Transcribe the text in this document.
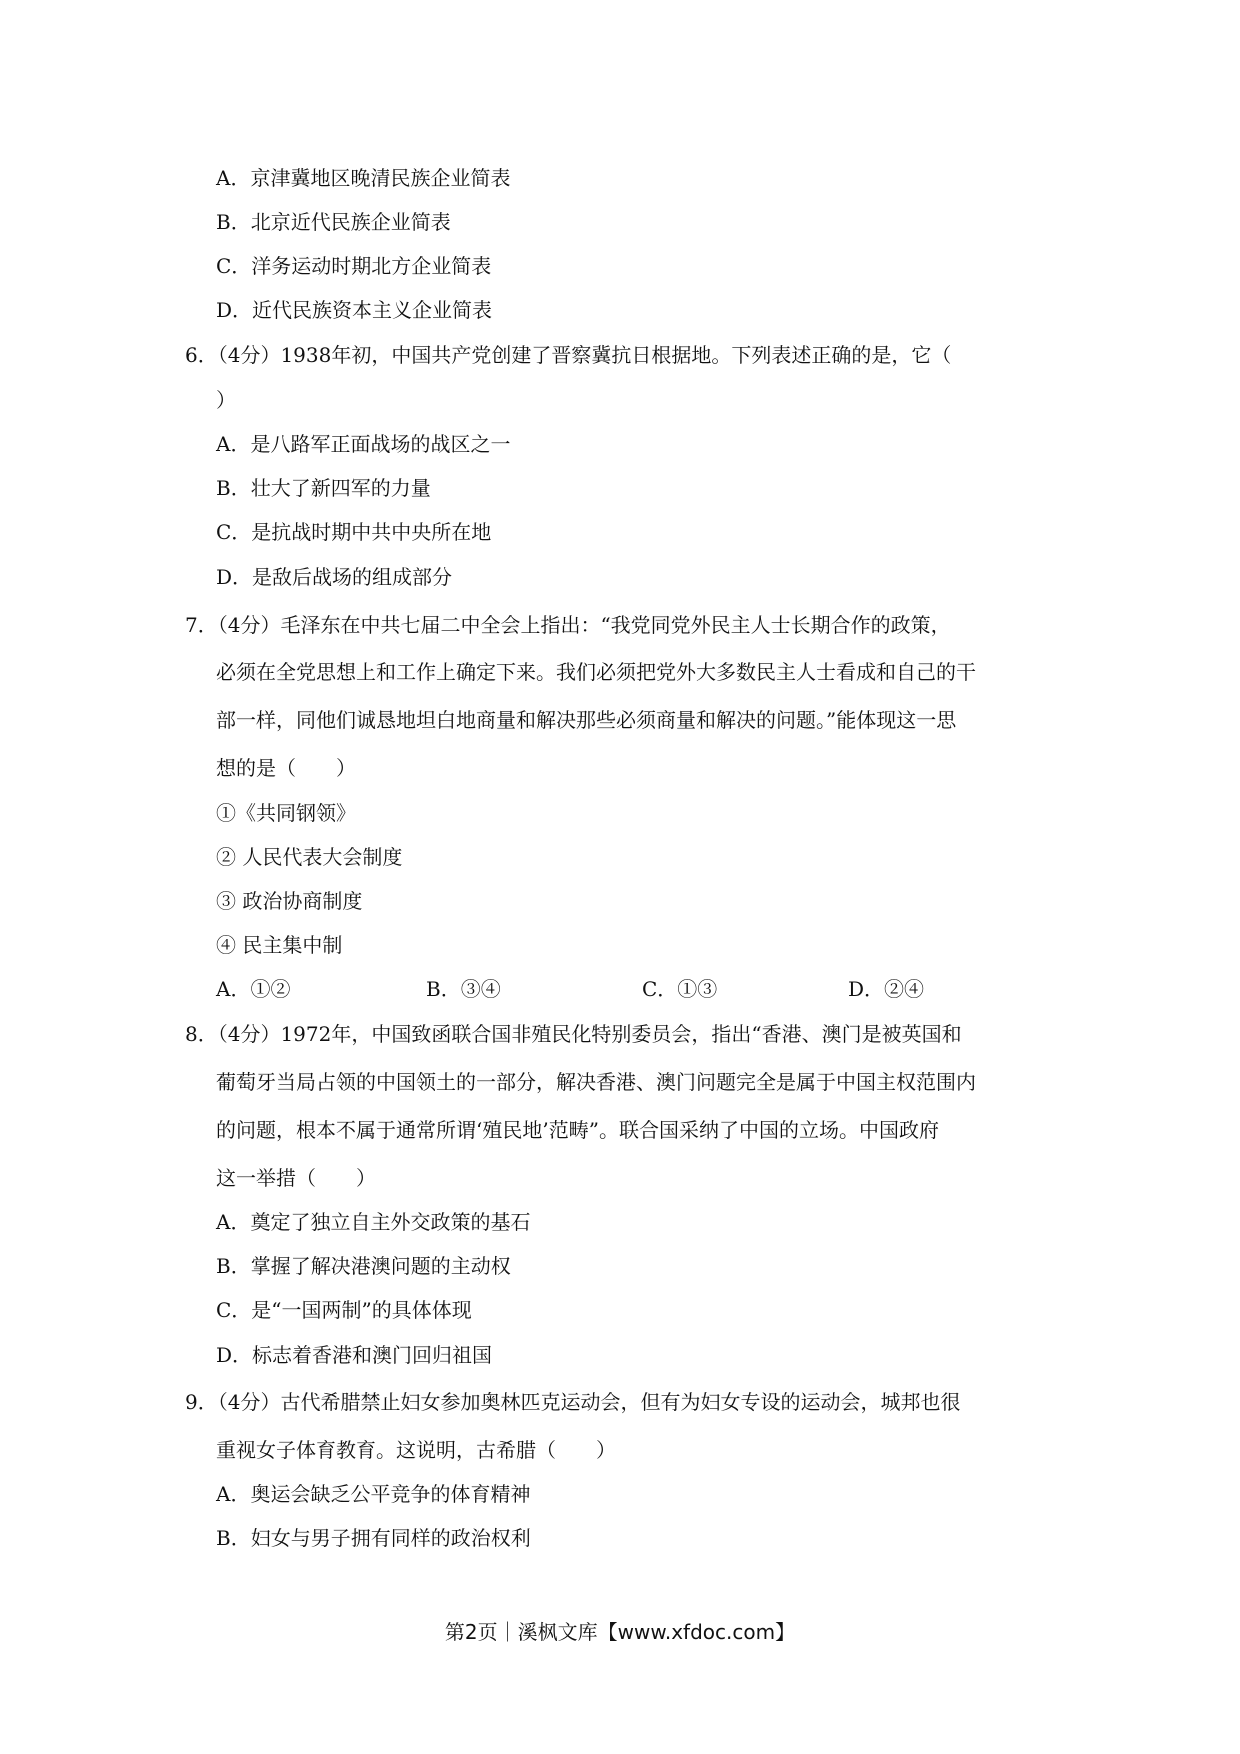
A．京津冀地区晚清民族企业简表
B．北京近代民族企业简表
C．洋务运动时期北方企业简表
D．近代民族资本主义企业简表
6．（4分）1938年初，中国共产党创建了晋察冀抗日根据地。下列表述正确的是，它（
）
A．是八路军正面战场的战区之一
B．壮大了新四军的力量
C．是抗战时期中共中央所在地
D．是敌后战场的组成部分
7．（4分）毛泽东在中共七届二中全会上指出：“我党同党外民主人士长期合作的政策，
必须在全党思想上和工作上确定下来。我们必须把党外大多数民主人士看成和自己的干
部一样，同他们诚恳地坦白地商量和解决那些必须商量和解决的问题。”能体现这一思
想的是（　　）
①《共同钢领》
② 人民代表大会制度
③ 政治协商制度
④ 民主集中制
A．①②	B．③④	C．①③	D．②④
8．（4分）1972年，中国致函联合国非殖民化特别委员会，指出“香港、澳门是被英国和
葡萄牙当局占领的中国领土的一部分，解决香港、澳门问题完全是属于中国主权范围内
的问题，根本不属于通常所谓‘殖民地’范畴”。联合国采纳了中国的立场。中国政府
这一举措（　　）
A．奠定了独立自主外交政策的基石
B．掌握了解决港澳问题的主动权
C．是“一国两制”的具体体现
D．标志着香港和澳门回归祖国
9．（4分）古代希腊禁止妇女参加奥林匹克运动会，但有为妇女专设的运动会，城邦也很
重视女子体育教育。这说明，古希腊（　　）
A．奥运会缺乏公平竞争的体育精神
B．妇女与男子拥有同样的政治权利
第2页｜溪枫文库【www.xfdoc.com】
